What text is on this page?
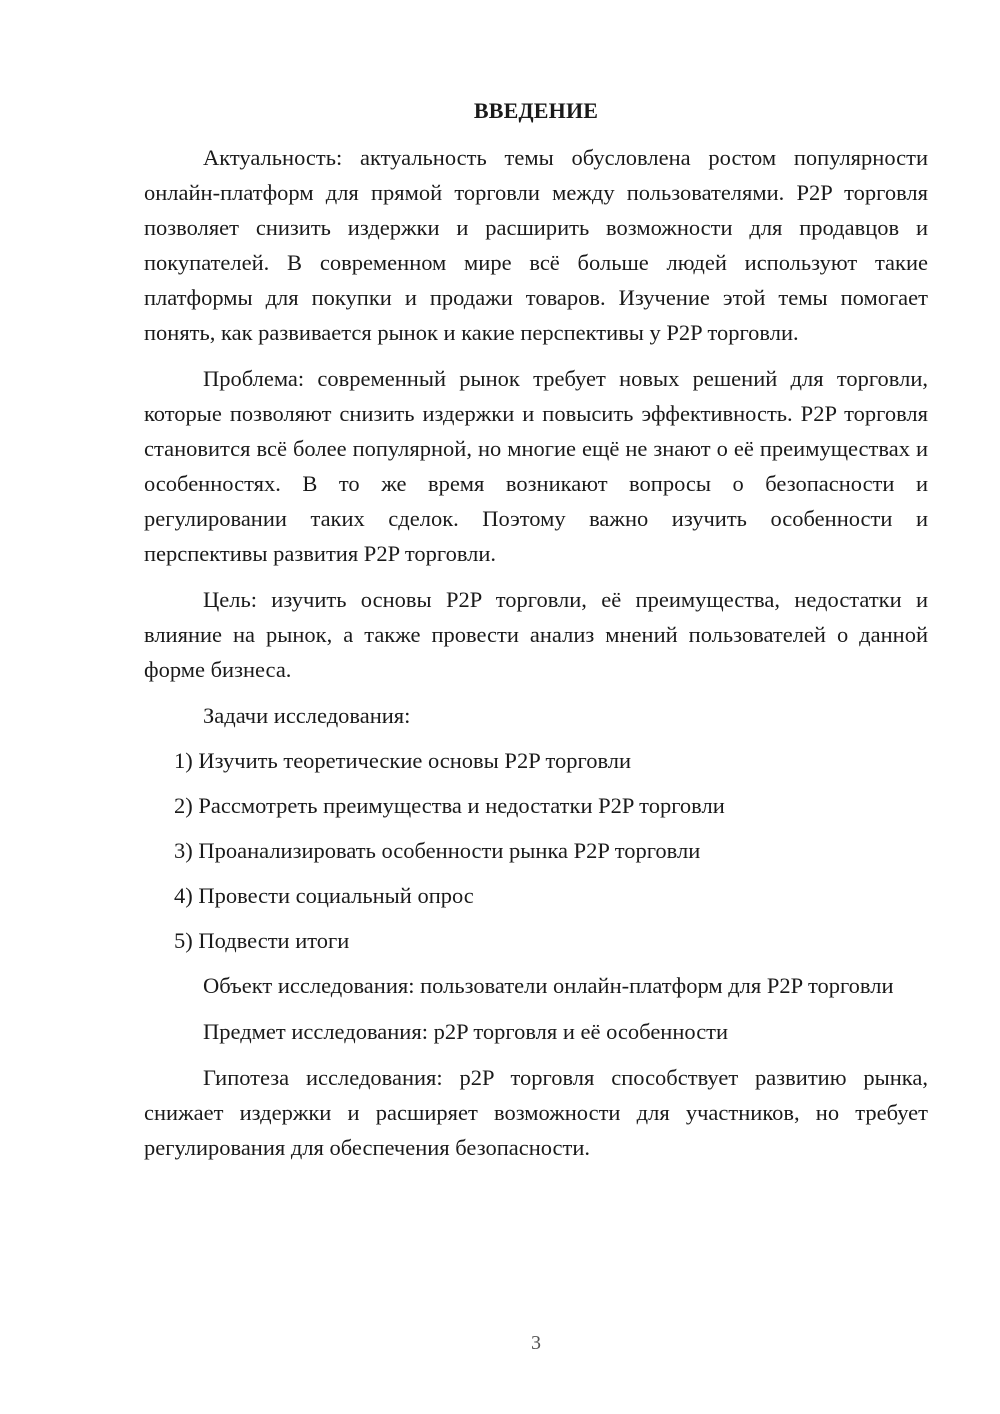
ВВЕДЕНИЕ

Актуальность: актуальность темы обусловлена ростом популярности онлайн-платформ для прямой торговли между пользователями. P2P торговля позволяет снизить издержки и расширить возможности для продавцов и покупателей. В современном мире всё больше людей используют такие платформы для покупки и продажи товаров. Изучение этой темы помогает понять, как развивается рынок и какие перспективы у P2P торговли.

Проблема: современный рынок требует новых решений для торговли, которые позволяют снизить издержки и повысить эффективность. P2P торговля становится всё более популярной, но многие ещё не знают о её преимуществах и особенностях. В то же время возникают вопросы о безопасности и регулировании таких сделок. Поэтому важно изучить особенности и перспективы развития P2P торговли.

Цель: изучить основы P2P торговли, её преимущества, недостатки и влияние на рынок, а также провести анализ мнений пользователей о данной форме бизнеса.

Задачи исследования:

1) Изучить теоретические основы P2P торговли
2) Рассмотреть преимущества и недостатки P2P торговли
3) Проанализировать особенности рынка P2P торговли
4) Провести социальный опрос
5) Подвести итоги

Объект исследования: пользователи онлайн-платформ для P2P торговли

Предмет исследования: p2P торговля и её особенности

Гипотеза исследования: p2P торговля способствует развитию рынка, снижает издержки и расширяет возможности для участников, но требует регулирования для обеспечения безопасности.

3
